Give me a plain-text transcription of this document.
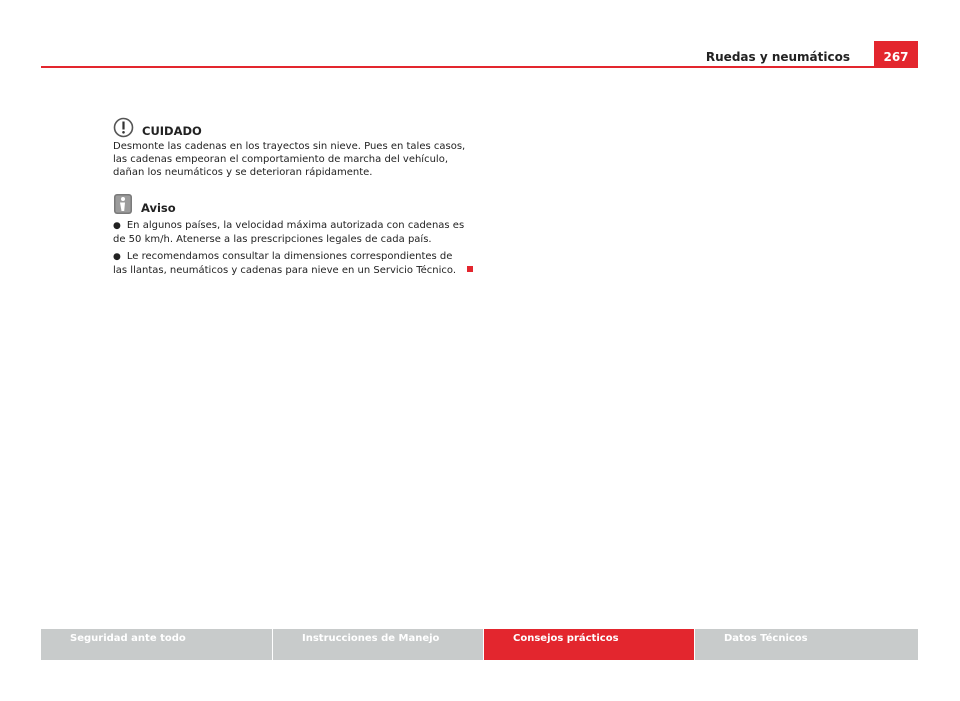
Ruedas y neumáticos	267
CUIDADO

Desmonte las cadenas en los trayectos sin nieve. Pues en tales casos, las cadenas empeoran el comportamiento de marcha del vehículo, dañan los neumáticos y se deterioran rápidamente.

Aviso

● En algunos países, la velocidad máxima autorizada con cadenas es de 50 km/h. Atenerse a las prescripciones legales de cada país.

● Le recomendamos consultar la dimensiones correspondientes de las llantas, neumáticos y cadenas para nieve en un Servicio Técnico.

Seguridad ante todo	Instrucciones de Manejo	Consejos prácticos	Datos Técnicos
